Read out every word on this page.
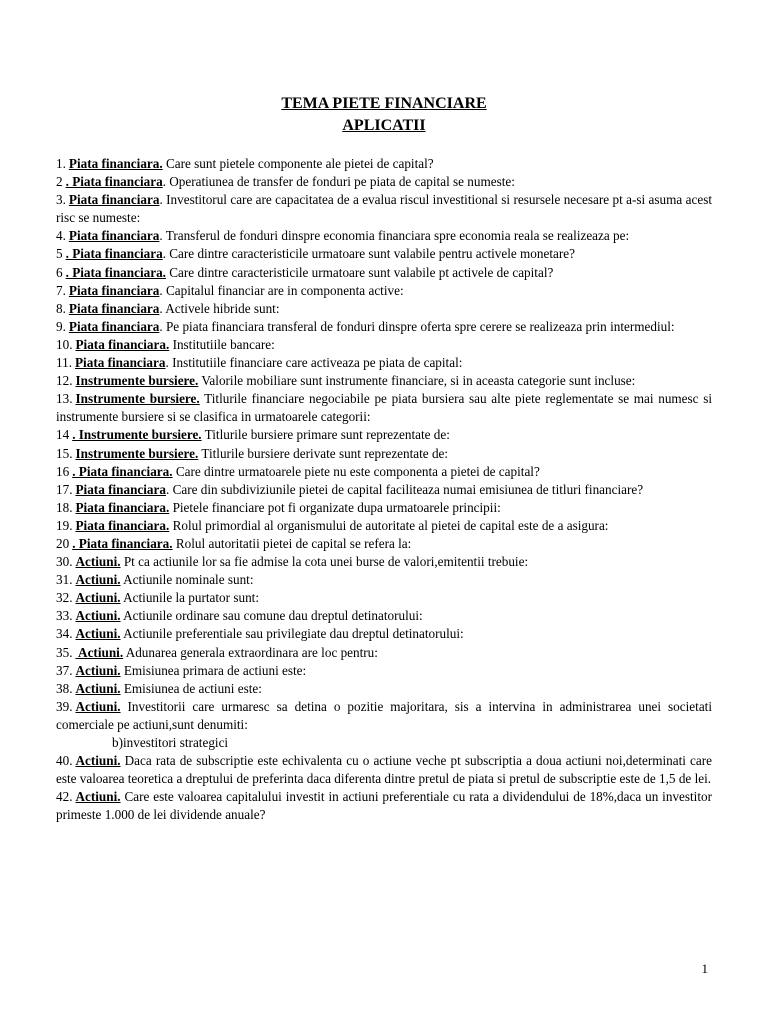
TEMA PIETE FINANCIARE
APLICATII

1. Piata financiara. Care sunt pietele componente ale pietei de capital?

2 . Piata financiara. Operatiunea de transfer de fonduri pe piata de capital se numeste:

3. Piata financiara. Investitorul care are capacitatea de a evalua riscul investitional si resursele necesare pt a-si asuma acest risc se numeste:

4. Piata financiara. Transferul de fonduri dinspre economia financiara spre economia reala se realizeaza pe:

5 . Piata financiara. Care dintre caracteristicile urmatoare sunt valabile pentru activele monetare?

6 . Piata financiara. Care dintre caracteristicile urmatoare sunt valabile pt activele de capital?

7. Piata financiara. Capitalul financiar are in componenta active:

8. Piata financiara. Activele hibride sunt:

9. Piata financiara. Pe piata financiara transferal de fonduri dinspre oferta spre cerere se realizeaza prin intermediul:

10. Piata financiara. Institutiile bancare:

11. Piata financiara. Institutiile financiare care activeaza pe piata de capital:

12. Instrumente bursiere. Valorile mobiliare sunt instrumente financiare, si in aceasta categorie sunt incluse:

13. Instrumente bursiere. Titlurile financiare negociabile pe piata bursiera sau alte piete reglementate se mai numesc si instrumente bursiere si se clasifica in urmatoarele categorii:

14 . Instrumente bursiere. Titlurile bursiere primare sunt reprezentate de:

15. Instrumente bursiere. Titlurile bursiere derivate sunt reprezentate de:

16 . Piata financiara. Care dintre urmatoarele piete nu este componenta a pietei de capital?

17. Piata financiara. Care din subdiviziunile pietei de capital faciliteaza numai emisiunea de titluri financiare?

18. Piata financiara. Pietele financiare pot fi organizate dupa urmatoarele principii:

19. Piata financiara. Rolul primordial al organismului de autoritate al pietei de capital este de a asigura:

20 . Piata financiara. Rolul autoritatii pietei de capital se refera la:

30. Actiuni. Pt ca actiunile lor sa fie admise la cota unei burse de valori,emitentii trebuie:

31. Actiuni. Actiunile nominale sunt:

32. Actiuni. Actiunile la purtator sunt:

33. Actiuni. Actiunile ordinare sau comune dau dreptul detinatorului:

34. Actiuni. Actiunile preferentiale sau privilegiate dau dreptul detinatorului:

35. Actiuni. Adunarea generala extraordinara are loc pentru:

37. Actiuni. Emisiunea primara de actiuni este:

38. Actiuni. Emisiunea de actiuni este:

39. Actiuni. Investitorii care urmaresc sa detina o pozitie majoritara, sis a intervina in administrarea unei societati comerciale pe actiuni,sunt denumiti:

b)investitori strategici

40. Actiuni. Daca rata de subscriptie este echivalenta cu o actiune veche pt subscriptia a doua actiuni noi,determinati care este valoarea teoretica a dreptului de preferinta daca diferenta dintre pretul de piata si pretul de subscriptie este de 1,5 de lei.

42. Actiuni. Care este valoarea capitalului investit in actiuni preferentiale cu rata a dividendului de 18%,daca un investitor primeste 1.000 de lei dividende anuale?

1
